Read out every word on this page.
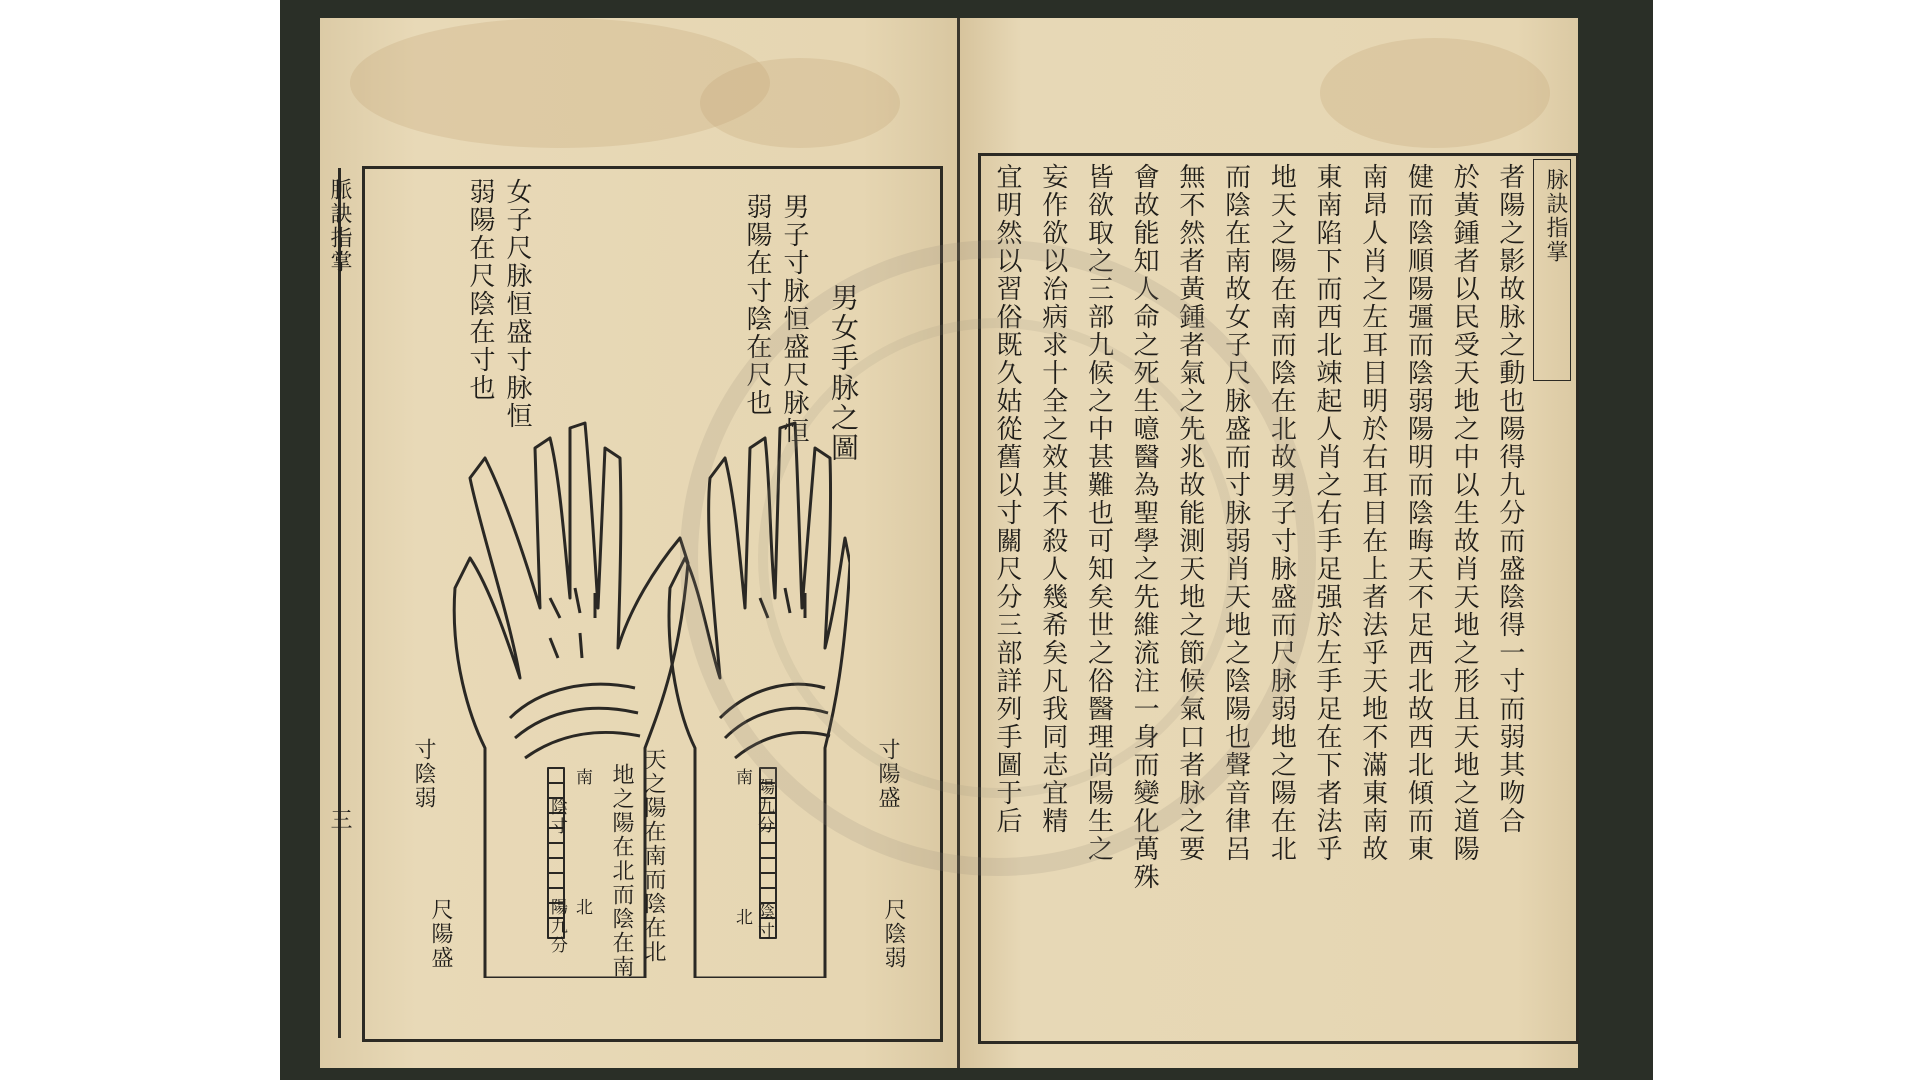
脈訣指掌
三
男女手脉之圖
男子寸脉恒盛尺脉恒
弱陽在寸陰在尺也
女子尺脉恒盛寸脉恒
弱陽在尺陰在寸也
寸陰弱
尺陽盛
南
陰寸
北
陽九分	天之陽在南而陰在北
地之陽在北而陰在南	寸陽盛
尺陰弱
南
陽九分
北 陰寸
脉訣指掌
者陽之影故脉之動也陽得九分而盛陰得一寸而弱其吻合
於黃鍾者以民受天地之中以生故肖天地之形且天地之道陽
健而陰順陽彊而陰弱陽明而陰晦天不足西北故西北傾而東
南昂人肖之左耳目明於右耳目在上者法乎天地不滿東南故
東南陷下而西北竦起人肖之右手足强於左手足在下者法乎
地天之陽在南而陰在北故男子寸脉盛而尺脉弱地之陽在北
而陰在南故女子尺脉盛而寸脉弱肖天地之陰陽也聲音律呂
無不然者黃鍾者氣之先兆故能測天地之節候氣口者脉之要
會故能知人命之死生噫醫為聖學之先維流注一身而變化萬殊
皆欲取之三部九候之中甚難也可知矣世之俗醫理尚陽生之
妄作欲以治病求十全之效其不殺人幾希矣凡我同志宜精
宜明然以習俗既久姑從舊以寸關尺分三部詳列手圖于后
